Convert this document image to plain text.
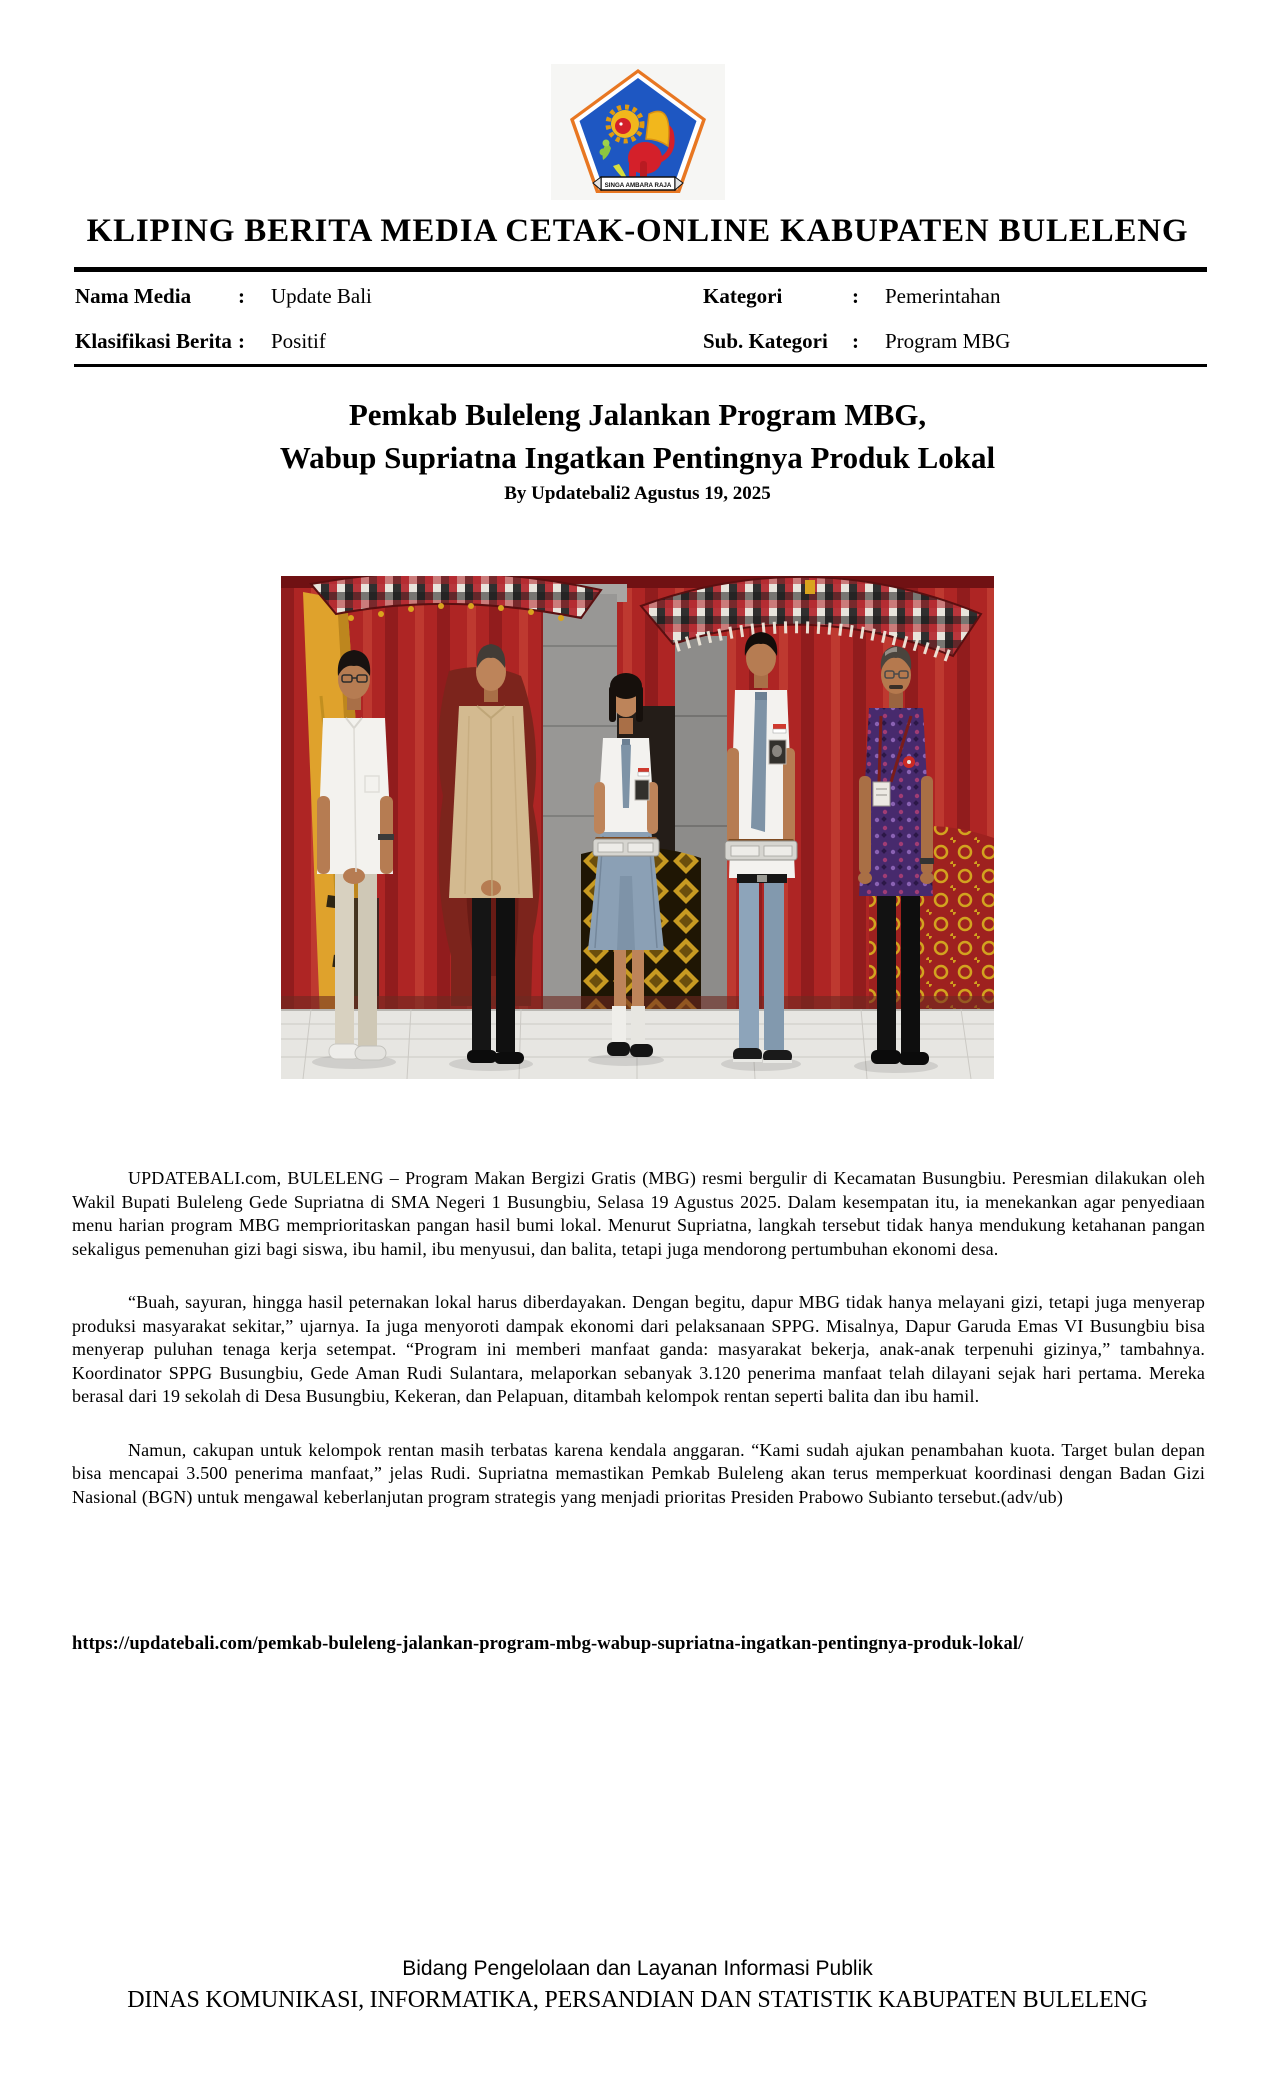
SINGA AMBARA RAJA
KLIPING BERITA MEDIA CETAK-ONLINE KABUPATEN BULELENG
Nama Media	:	Update Bali
Klasifikasi Berita :	Positif
Kategori	:	Pemerintahan
Sub. Kategori	:	Program MBG
Pemkab Buleleng Jalankan Program MBG,
Wabup Supriatna Ingatkan Pentingnya Produk Lokal
By Updatebali2 Agustus 19, 2025

UPDATEBALI.com, BULELENG – Program Makan Bergizi Gratis (MBG) resmi bergulir di Kecamatan Busungbiu. Peresmian dilakukan oleh Wakil Bupati Buleleng Gede Supriatna di SMA Negeri 1 Busungbiu, Selasa 19 Agustus 2025. Dalam kesempatan itu, ia menekankan agar penyediaan menu harian program MBG memprioritaskan pangan hasil bumi lokal. Menurut Supriatna, langkah tersebut tidak hanya mendukung ketahanan pangan sekaligus pemenuhan gizi bagi siswa, ibu hamil, ibu menyusui, dan balita, tetapi juga mendorong pertumbuhan ekonomi desa.

“Buah, sayuran, hingga hasil peternakan lokal harus diberdayakan. Dengan begitu, dapur MBG tidak hanya melayani gizi, tetapi juga menyerap produksi masyarakat sekitar,” ujarnya. Ia juga menyoroti dampak ekonomi dari pelaksanaan SPPG. Misalnya, Dapur Garuda Emas VI Busungbiu bisa menyerap puluhan tenaga kerja setempat. “Program ini memberi manfaat ganda: masyarakat bekerja, anak-anak terpenuhi gizinya,” tambahnya. Koordinator SPPG Busungbiu, Gede Aman Rudi Sulantara, melaporkan sebanyak 3.120 penerima manfaat telah dilayani sejak hari pertama. Mereka berasal dari 19 sekolah di Desa Busungbiu, Kekeran, dan Pelapuan, ditambah kelompok rentan seperti balita dan ibu hamil.

Namun, cakupan untuk kelompok rentan masih terbatas karena kendala anggaran. “Kami sudah ajukan penambahan kuota. Target bulan depan bisa mencapai 3.500 penerima manfaat,” jelas Rudi. Supriatna memastikan Pemkab Buleleng akan terus memperkuat koordinasi dengan Badan Gizi Nasional (BGN) untuk mengawal keberlanjutan program strategis yang menjadi prioritas Presiden Prabowo Subianto tersebut.(adv/ub)

https://updatebali.com/pemkab-buleleng-jalankan-program-mbg-wabup-supriatna-ingatkan-pentingnya-produk-lokal/
Bidang Pengelolaan dan Layanan Informasi Publik
DINAS KOMUNIKASI, INFORMATIKA, PERSANDIAN DAN STATISTIK KABUPATEN BULELENG
